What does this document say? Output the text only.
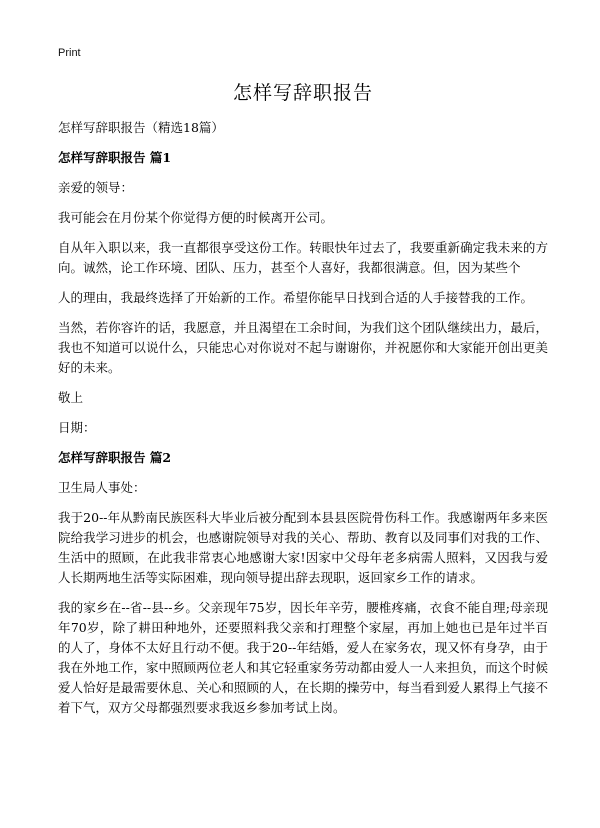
Print
怎样写辞职报告
怎样写辞职报告（精选18篇）
怎样写辞职报告 篇1

亲爱的领导：

我可能会在月份某个你觉得方便的时候离开公司。

自从年入职以来，我一直都很享受这份工作。转眼快年过去了，我要重新确定我未来的方向。诚然，论工作环境、团队、压力，甚至个人喜好，我都很满意。但，因为某些个

人的理由，我最终选择了开始新的工作。希望你能早日找到合适的人手接替我的工作。

当然，若你容许的话，我愿意，并且渴望在工余时间，为我们这个团队继续出力，最后，我也不知道可以说什么，只能忠心对你说对不起与谢谢你，并祝愿你和大家能开创出更美好的未来。

敬上

日期：

怎样写辞职报告 篇2

卫生局人事处：

我于20--年从黔南民族医科大毕业后被分配到本县县医院骨伤科工作。我感谢两年多来医院给我学习进步的机会，也感谢院领导对我的关心、帮助、教育以及同事们对我的工作、生活中的照顾，在此我非常衷心地感谢大家!因家中父母年老多病需人照料，又因我与爱人长期两地生活等实际困难，现向领导提出辞去现职，返回家乡工作的请求。

我的家乡在--省--县--乡。父亲现年75岁，因长年辛劳，腰椎疼痛，衣食不能自理;母亲现年70岁，除了耕田种地外，还要照料我父亲和打理整个家屋，再加上她也已是年过半百的人了，身体不太好且行动不便。我于20--年结婚，爱人在家务农，现又怀有身孕，由于我在外地工作，家中照顾两位老人和其它轻重家务劳动都由爱人一人来担负，而这个时候爱人恰好是最需要休息、关心和照顾的人，在长期的操劳中，每当看到爱人累得上气接不着下气，双方父母都强烈要求我返乡参加考试上岗。
